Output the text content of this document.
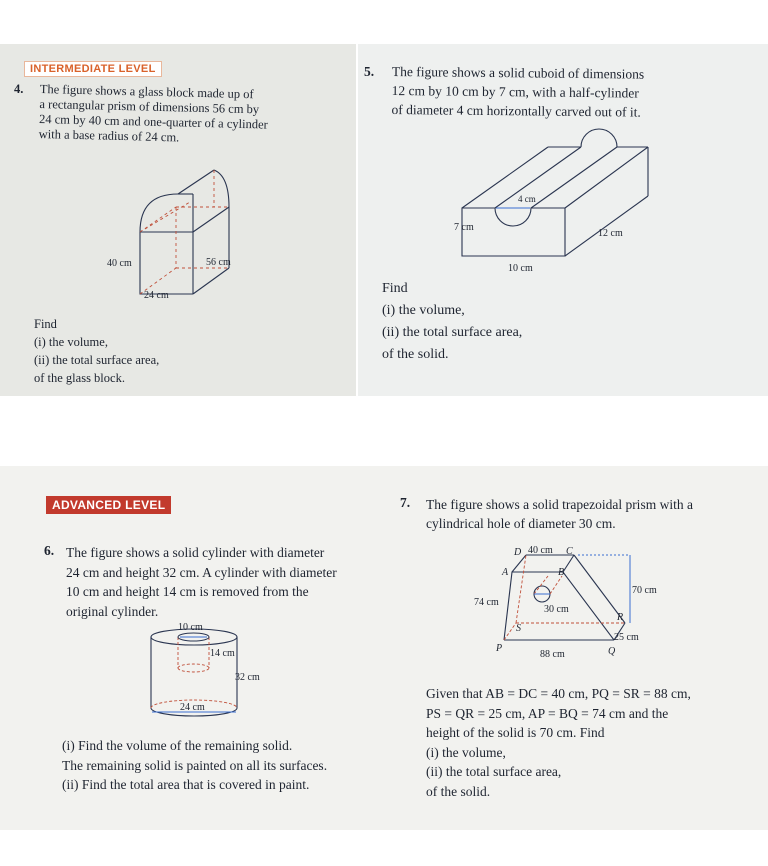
INTERMEDIATE LEVEL
4. The figure shows a glass block made up of
a rectangular prism of dimensions 56 cm by
24 cm by 40 cm and one-quarter of a cylinder
with a base radius of 24 cm.
40 cm	56 cm
24 cm
Find
(i) the volume,
(ii) the total surface area,
of the glass block.
5. The figure shows a solid cuboid of dimensions
12 cm by 10 cm by 7 cm, with a half-cylinder
of diameter 4 cm horizontally carved out of it.
4 cm
7 cm
12 cm
10 cm
Find
(i) the volume,
(ii) the total surface area,
of the solid.
ADVANCED LEVEL
6. The figure shows a solid cylinder with diameter
24 cm and height 32 cm. A cylinder with diameter
10 cm and height 14 cm is removed from the
original cylinder.
10 cm
14 cm
32 cm
24 cm
(i) Find the volume of the remaining solid.
The remaining solid is painted on all its surfaces.
(ii) Find the total area that is covered in paint.
7. The figure shows a solid trapezoidal prism with a
cylindrical hole of diameter 30 cm.
D 40 cm C
A	B
74 cm
30 cm
70 cm
S
R
25 cm
P
88 cm	Q
Given that AB = DC = 40 cm, PQ = SR = 88 cm,
PS = QR = 25 cm, AP = BQ = 74 cm and the
height of the solid is 70 cm. Find
(i) the volume,
(ii) the total surface area,
of the solid.
